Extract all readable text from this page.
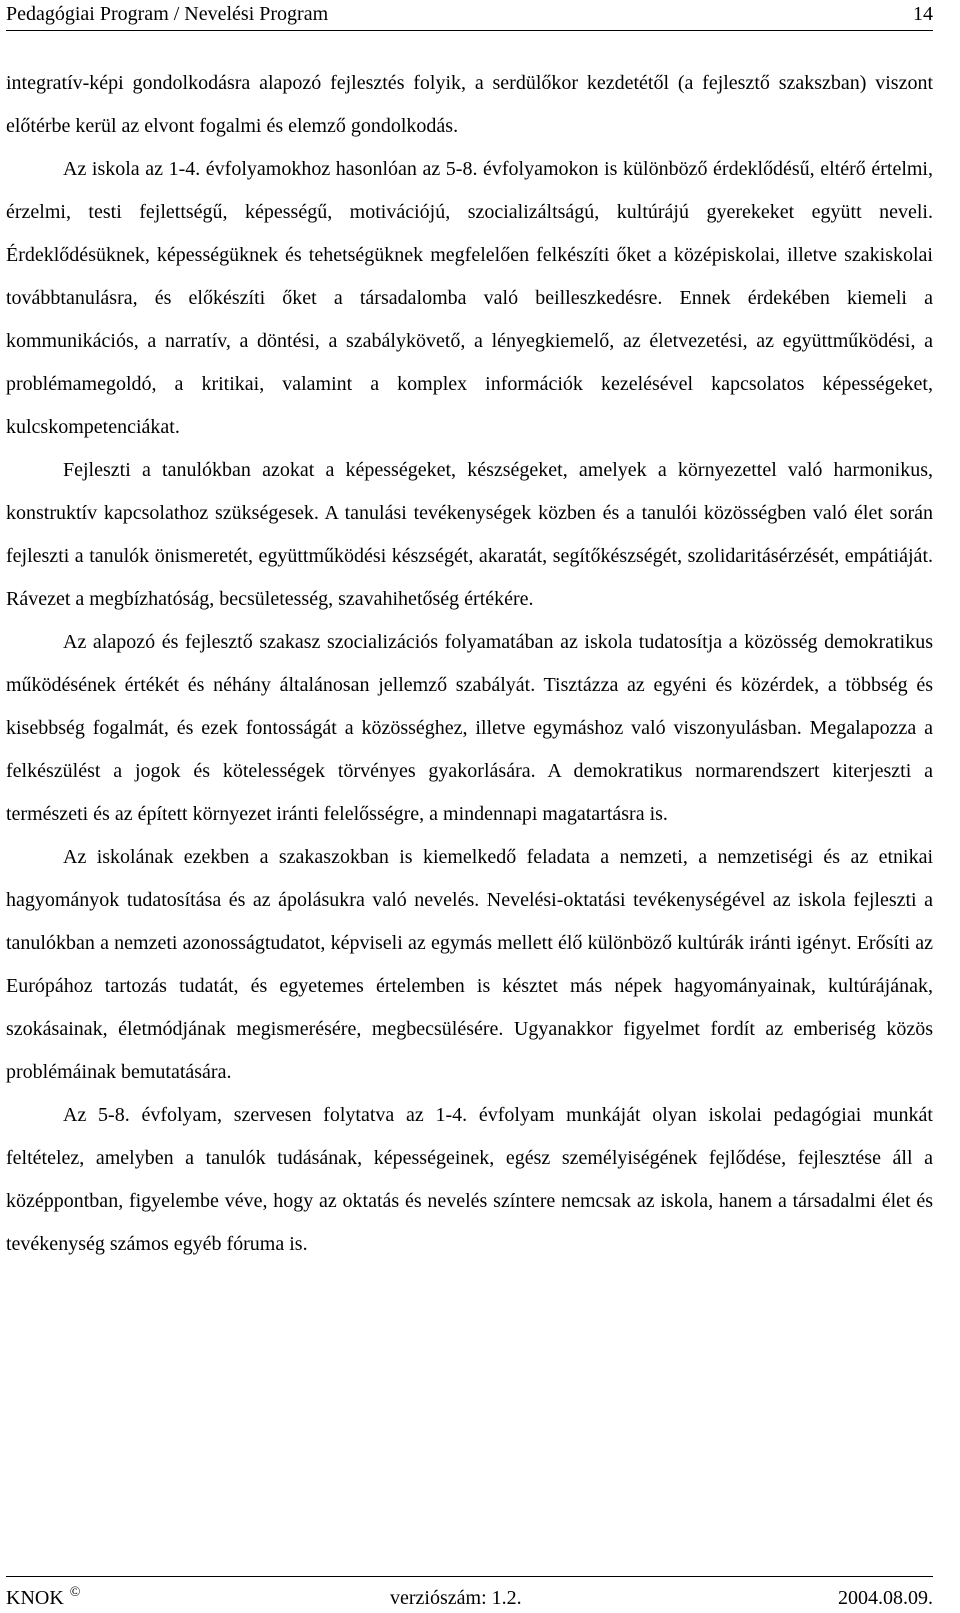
Pedagógiai Program / Nevelési Program	14

integratív-képi gondolkodásra alapozó fejlesztés folyik, a serdülőkor kezdetétől (a fejlesztő szakszban) viszont előtérbe kerül az elvont fogalmi és elemző gondolkodás.

Az iskola az 1-4. évfolyamokhoz hasonlóan az 5-8. évfolyamokon is különböző érdeklődésű, eltérő értelmi, érzelmi, testi fejlettségű, képességű, motivációjú, szocializáltságú, kultúrájú gyerekeket együtt neveli. Érdeklődésüknek, képességüknek és tehetségüknek megfelelően felkészíti őket a középiskolai, illetve szakiskolai továbbtanulásra, és előkészíti őket a társadalomba való beilleszkedésre. Ennek érdekében kiemeli a kommunikációs, a narratív, a döntési, a szabálykövető, a lényegkiemelő, az életvezetési, az együttműködési, a problémamegoldó, a kritikai, valamint a komplex információk kezelésével kapcsolatos képességeket, kulcskompetenciákat.

Fejleszti a tanulókban azokat a képességeket, készségeket, amelyek a környezettel való harmonikus, konstruktív kapcsolathoz szükségesek. A tanulási tevékenységek közben és a tanulói közösségben való élet során fejleszti a tanulók önismeretét, együttműködési készségét, akaratát, segítőkészségét, szolidaritásérzését, empátiáját. Rávezet a megbízhatóság, becsületesség, szavahihetőség értékére.

Az alapozó és fejlesztő szakasz szocializációs folyamatában az iskola tudatosítja a közösség demokratikus működésének értékét és néhány általánosan jellemző szabályát. Tisztázza az egyéni és közérdek, a többség és kisebbség fogalmát, és ezek fontosságát a közösséghez, illetve egymáshoz való viszonyulásban. Megalapozza a felkészülést a jogok és kötelességek törvényes gyakorlására. A demokratikus normarendszert kiterjeszti a természeti és az épített környezet iránti felelősségre, a mindennapi magatartásra is.

Az iskolának ezekben a szakaszokban is kiemelkedő feladata a nemzeti, a nemzetiségi és az etnikai hagyományok tudatosítása és az ápolásukra való nevelés. Nevelési-oktatási tevékenységével az iskola fejleszti a tanulókban a nemzeti azonosságtudatot, képviseli az egymás mellett élő különböző kultúrák iránti igényt. Erősíti az Európához tartozás tudatát, és egyetemes értelemben is késztet más népek hagyományainak, kultúrájának, szokásainak, életmódjának megismerésére, megbecsülésére. Ugyanakkor figyelmet fordít az emberiség közös problémáinak bemutatására.

Az 5-8. évfolyam, szervesen folytatva az 1-4. évfolyam munkáját olyan iskolai pedagógiai munkát feltételez, amelyben a tanulók tudásának, képességeinek, egész személyiségének fejlődése, fejlesztése áll a középpontban, figyelembe véve, hogy az oktatás és nevelés színtere nemcsak az iskola, hanem a társadalmi élet és tevékenység számos egyéb fóruma is.

KNOK ©	verziószám: 1.2.	2004.08.09.
